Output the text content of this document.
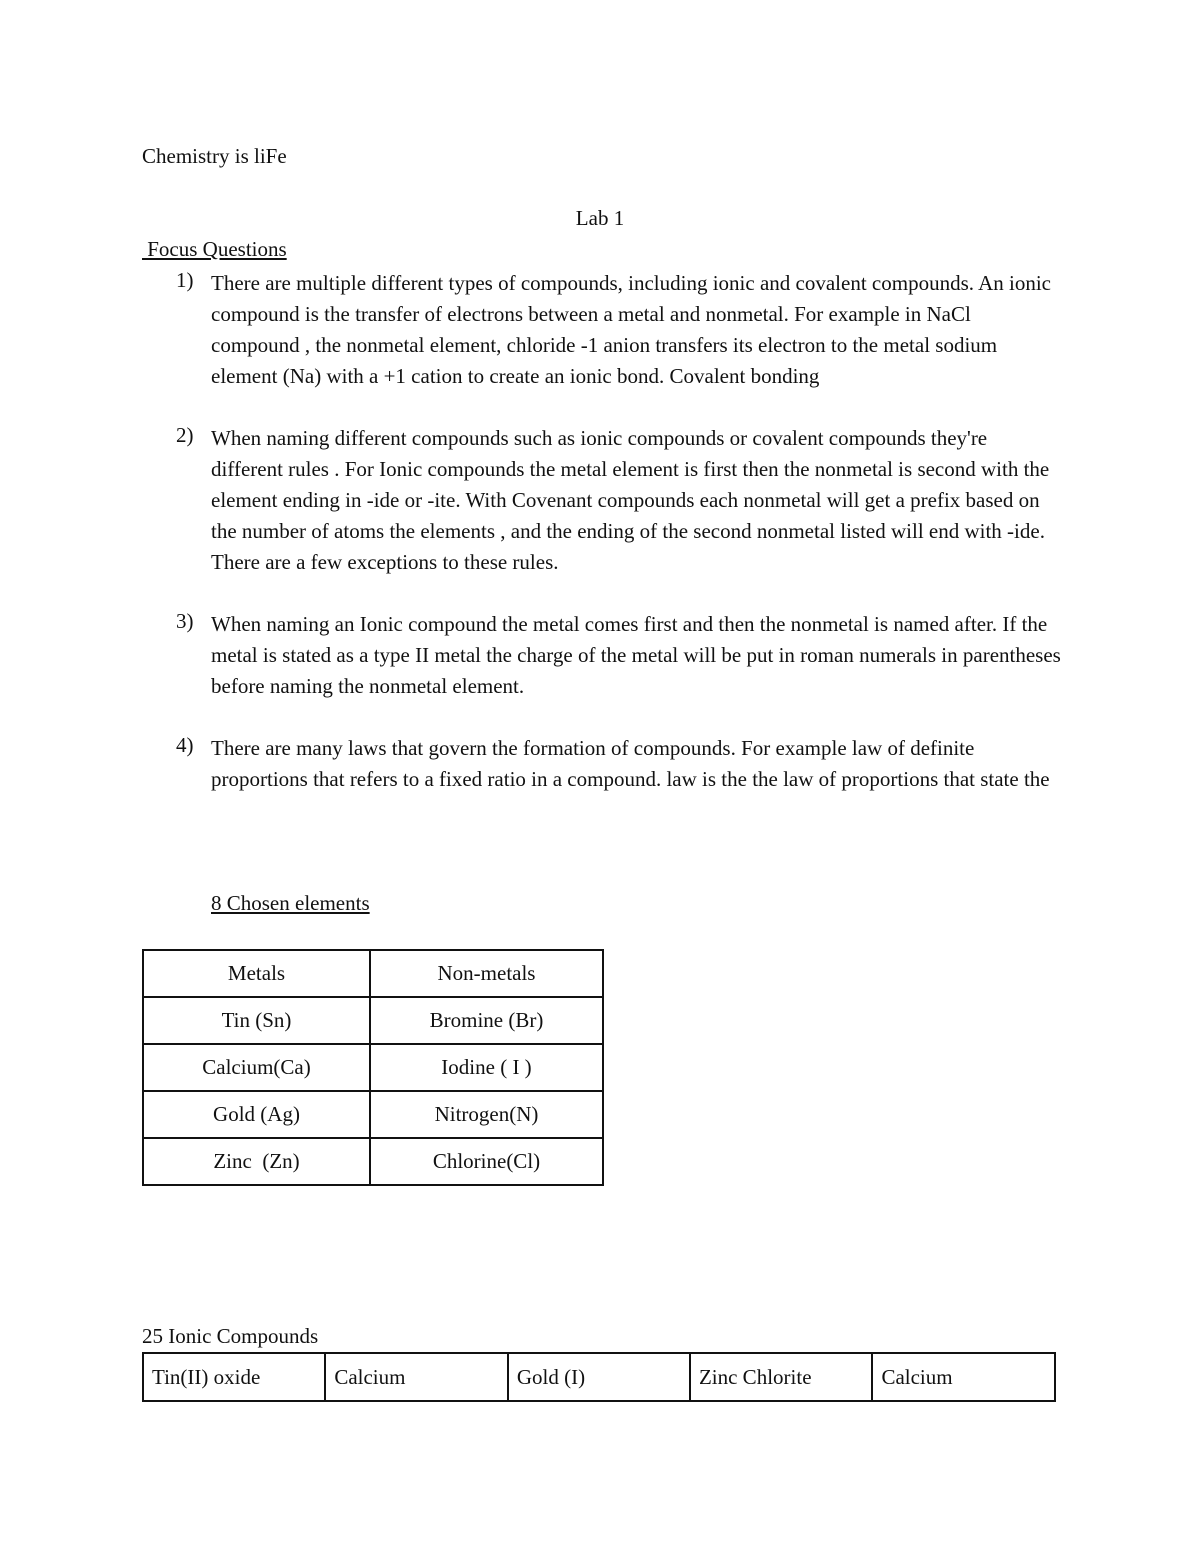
Chemistry is liFe
Lab 1
Focus Questions
1) There are multiple different types of compounds, including ionic and covalent compounds. An ionic compound is the transfer of electrons between a metal and nonmetal. For example in NaCl compound , the nonmetal element, chloride -1 anion transfers its electron to the metal sodium element (Na) with a +1 cation to create an ionic bond. Covalent bonding
2) When naming different compounds such as ionic compounds or covalent compounds they're different rules . For Ionic compounds the metal element is first then the nonmetal is second with the element ending in -ide or -ite. With Covenant compounds each nonmetal will get a prefix based on the number of atoms the elements , and the ending of the second nonmetal listed will end with -ide. There are a few exceptions to these rules.
3) When naming an Ionic compound the metal comes first and then the nonmetal is named after. If the metal is stated as a type II metal the charge of the metal will be put in roman numerals in parentheses before naming the nonmetal element.
4) There are many laws that govern the formation of compounds. For example law of definite proportions that refers to a fixed ratio in a compound. law is the the law of proportions that state the
8 Chosen elements
Metals	Non-metals
Tin (Sn)	Bromine (Br)
Calcium(Ca)	Iodine ( I )
Gold (Ag)	Nitrogen(N)
Zinc  (Zn)	Chlorine(Cl)
25 Ionic Compounds
Tin(II) oxide	Calcium	Gold (I)	Zinc Chlorite	Calcium
